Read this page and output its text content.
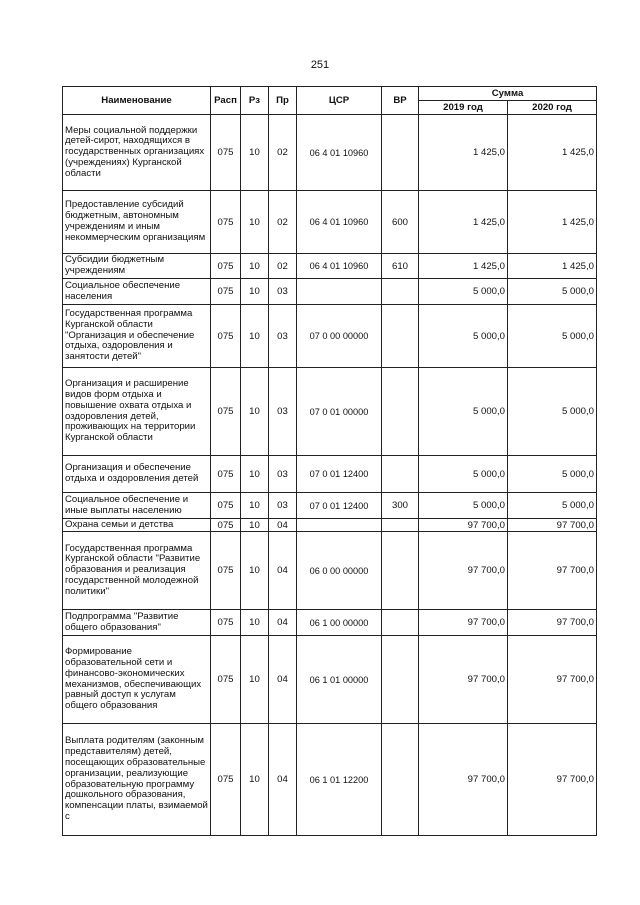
251
Наименование	Расп	Рз	Пр	ЦСР	ВР	Сумма	
						2019 год	2020 год
Меры социальной поддержки детей-сирот, находящихся в государственных организациях (учреждениях) Курганской области	075	10	02	06 4 01 10960		1 425,0	1 425,0
Предоставление субсидий бюджетным, автономным учреждениям и иным некоммерческим организациям	075	10	02	06 4 01 10960	600	1 425,0	1 425,0
Субсидии бюджетным учреждениям	075	10	02	06 4 01 10960	610	1 425,0	1 425,0
Социальное обеспечение населения	075	10	03			5 000,0	5 000,0
Государственная программа Курганской области "Организация и обеспечение отдыха, оздоровления и занятости детей"	075	10	03	07 0 00 00000		5 000,0	5 000,0
Организация и расширение видов форм отдыха и повышение охвата отдыха и оздоровления детей, проживающих на территории Курганской области	075	10	03	07 0 01 00000		5 000,0	5 000,0
Организация и обеспечение отдыха и оздоровления детей	075	10	03	07 0 01 12400		5 000,0	5 000,0
Социальное обеспечение и иные выплаты населению	075	10	03	07 0 01 12400	300	5 000,0	5 000,0
Охрана семьи и детства	075	10	04			97 700,0	97 700,0
Государственная программа Курганской области "Развитие образования и реализация государственной молодежной политики"	075	10	04	06 0 00 00000		97 700,0	97 700,0
Подпрограмма "Развитие общего образования"	075	10	04	06 1 00 00000		97 700,0	97 700,0
Формирование образовательной сети и финансово-экономических механизмов, обеспечивающих равный доступ к услугам общего образования	075	10	04	06 1 01 00000		97 700,0	97 700,0
Выплата родителям (законным представителям) детей, посещающих образовательные организации, реализующие образовательную программу дошкольного образования, компенсации платы, взимаемой с	075	10	04	06 1 01 12200		97 700,0	97 700,0
